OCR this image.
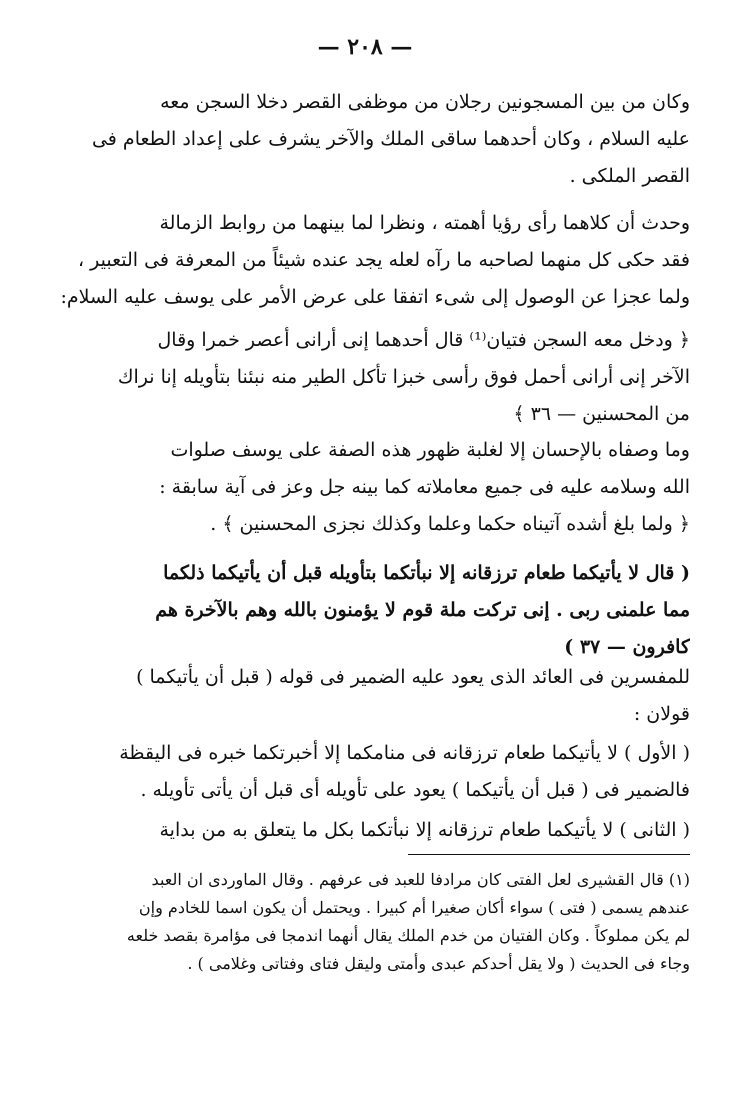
— ٢٠٨ —
وكان من بين المسجونين رجلان من موظفى القصر دخلا السجن معه
عليه السلام ، وكان أحدهما ساقى الملك والآخر يشرف على إعداد الطعام فى
القصر الملكى .
وحدث أن كلاهما رأى رؤيا أهمته ، ونظرا لما بينهما من روابط الزمالة
فقد حكى كل منهما لصاحبه ما رآه لعله يجد عنده شيئاً من المعرفة فى التعبير ،
ولما عجزا عن الوصول إلى شىء اتفقا على عرض الأمر على يوسف عليه السلام:
﴿ ودخل معه السجن فتيان⁽¹⁾ قال أحدهما إنى أرانى أعصر خمرا وقال
الآخر إنى أرانى أحمل فوق رأسى خبزا تأكل الطير منه نبئنا بتأويله إنا نراك
من المحسنين — ٣٦ ﴾
وما وصفاه بالإحسان إلا لغلبة ظهور هذه الصفة على يوسف صلوات
الله وسلامه عليه فى جميع معاملاته كما بينه جل وعز فى آية سابقة :
﴿ ولما بلغ أشده آتيناه حكما وعلما وكذلك نجزى المحسنين ﴾ .
( قال لا يأتيكما طعام ترزقانه إلا نبأتكما بتأويله قبل أن يأتيكما ذلكما
مما علمنى ربى . إنى تركت ملة قوم لا يؤمنون بالله وهم بالآخرة هم
كافرون — ٣٧ )
للمفسرين فى العائد الذى يعود عليه الضمير فى قوله ( قبل أن يأتيكما )
قولان :
( الأول ) لا يأتيكما طعام ترزقانه فى منامكما إلا أخبرتكما خبره فى اليقظة
فالضمير فى ( قبل أن يأتيكما ) يعود على تأويله أى قبل أن يأتى تأويله .
( الثانى ) لا يأتيكما طعام ترزقانه إلا نبأتكما بكل ما يتعلق به من بداية
(١) قال القشيرى لعل الفتى كان مرادفا للعبد فى عرفهم . وقال الماوردى ان العبد
عندهم يسمى ( فتى ) سواء أكان صغيرا أم كبيرا . ويحتمل أن يكون اسما للخادم وإن
لم يكن مملوكاً . وكان الفتيان من خدم الملك يقال أنهما اندمجا فى مؤامرة بقصد خلعه
وجاء فى الحديث ( ولا يقل أحدكم عبدى وأمتى وليقل فتاى وفتاتى وغلامى ) .
